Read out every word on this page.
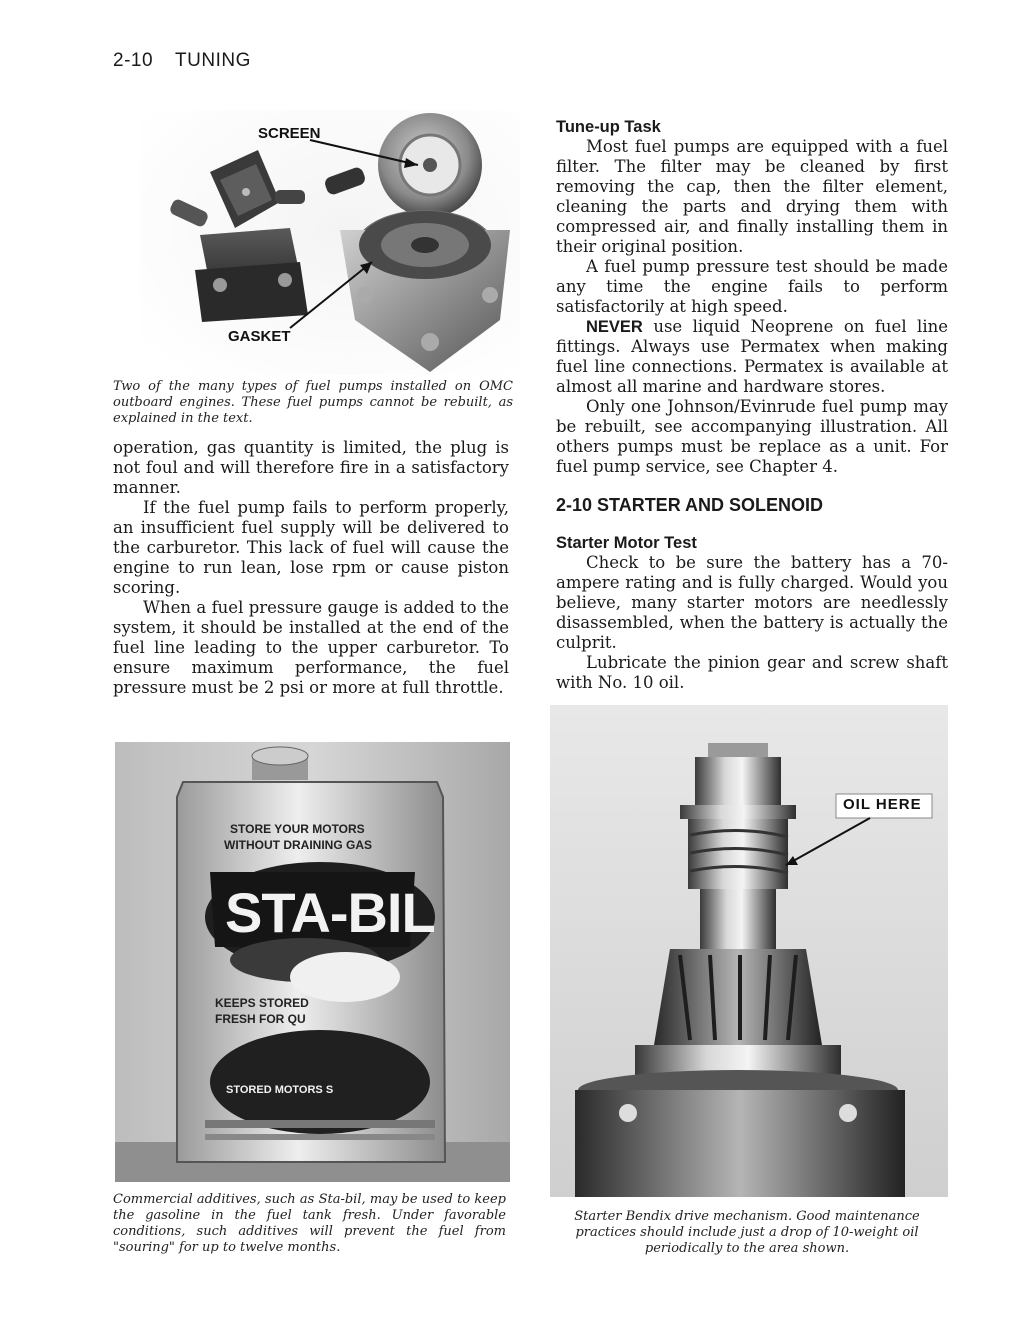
2-10 TUNING
SCREEN
GASKET
Two of the many types of fuel pumps installed on OMC outboard engines. These fuel pumps cannot be rebuilt, as explained in the text.

operation, gas quantity is limited, the plug is not foul and will therefore fire in a satisfactory manner.

If the fuel pump fails to perform properly, an insufficient fuel supply will be delivered to the carburetor. This lack of fuel will cause the engine to run lean, lose rpm or cause piston scoring.

When a fuel pressure gauge is added to the system, it should be installed at the end of the fuel line leading to the upper carburetor. To ensure maximum performance, the fuel pressure must be 2 psi or more at full throttle.

Tune-up Task

Most fuel pumps are equipped with a fuel filter. The filter may be cleaned by first removing the cap, then the filter element, cleaning the parts and drying them with compressed air, and finally installing them in their original position.

A fuel pump pressure test should be made any time the engine fails to perform satisfactorily at high speed.

NEVER use liquid Neoprene on fuel line fittings. Always use Permatex when making fuel line connections. Permatex is available at almost all marine and hardware stores.

Only one Johnson/Evinrude fuel pump may be rebuilt, see accompanying illustration. All others pumps must be replace as a unit. For fuel pump service, see Chapter 4.

2-10 STARTER AND SOLENOID
Starter Motor Test

Check to be sure the battery has a 70-ampere rating and is fully charged. Would you believe, many starter motors are needlessly disassembled, when the battery is actually the culprit.

Lubricate the pinion gear and screw shaft with No. 10 oil.

STORE YOUR MOTORS
WITHOUT DRAINING GAS
STA-BIL
KEEPS STORED
FRESH FOR QU
STORED MOTORS S
Commercial additives, such as Sta-bil, may be used to keep the gasoline in the fuel tank fresh. Under favorable conditions, such additives will prevent the fuel from "souring" for up to twelve months.
OIL HERE
Starter Bendix drive mechanism. Good maintenance practices should include just a drop of 10-weight oil periodically to the area shown.
